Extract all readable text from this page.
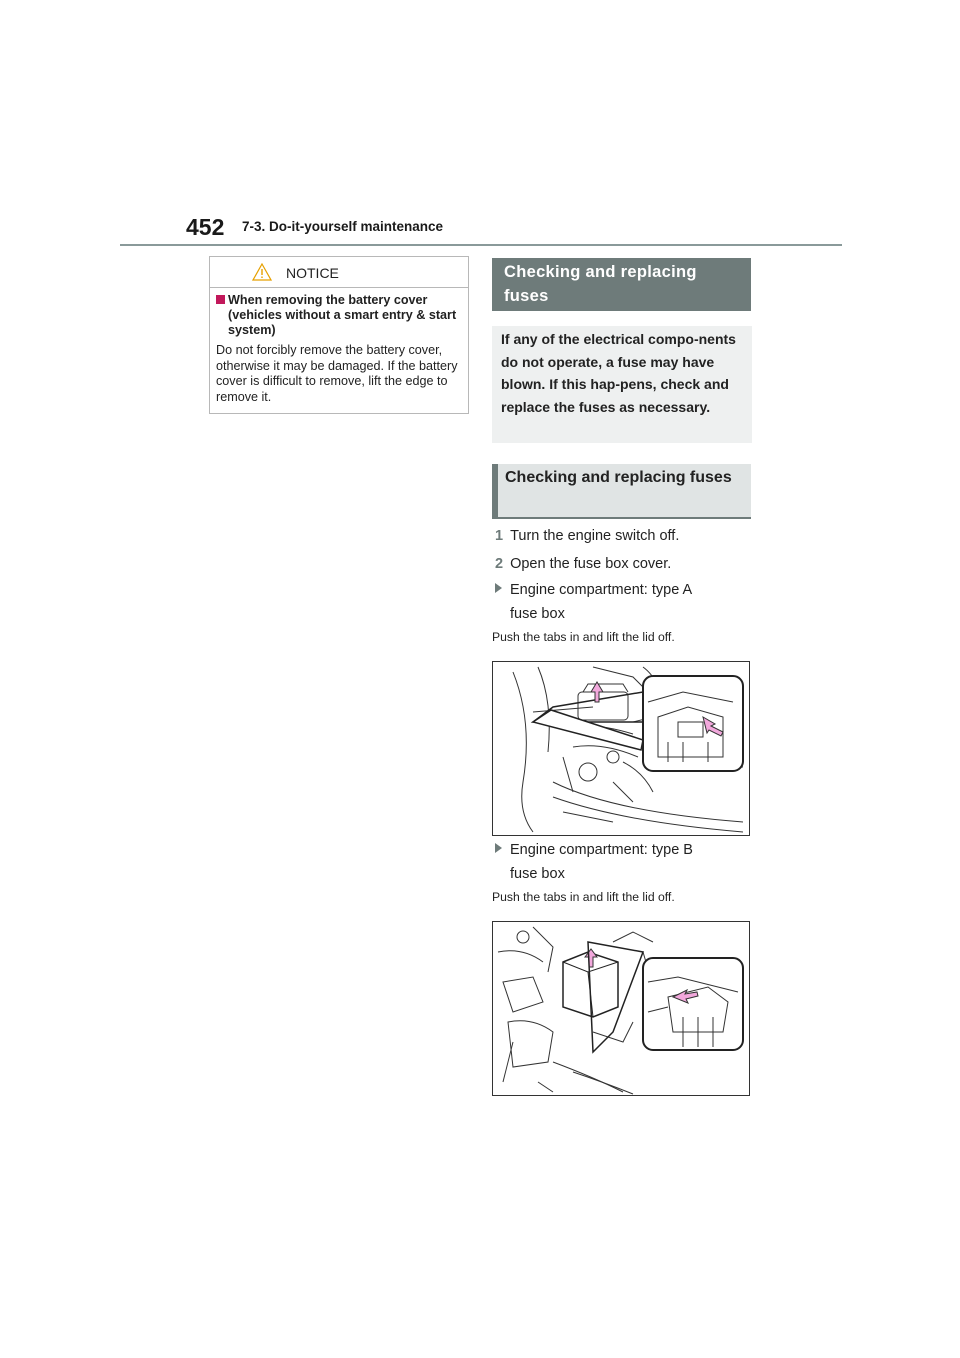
452 7-3. Do-it-yourself maintenance
NOTICE
When removing the battery cover (vehicles without a smart entry & start system)
Do not forcibly remove the battery cover, otherwise it may be damaged. If the battery cover is difficult to remove, lift the edge to remove it.
Checking and replacing fuses
If any of the electrical compo-nents do not operate, a fuse may have blown. If this hap-pens, check and replace the fuses as necessary.
Checking and replacing fuses
1 Turn the engine switch off.
2 Open the fuse box cover.
Engine compartment: type A
fuse box
Push the tabs in and lift the lid off.
Engine compartment: type B
fuse box
Push the tabs in and lift the lid off.
